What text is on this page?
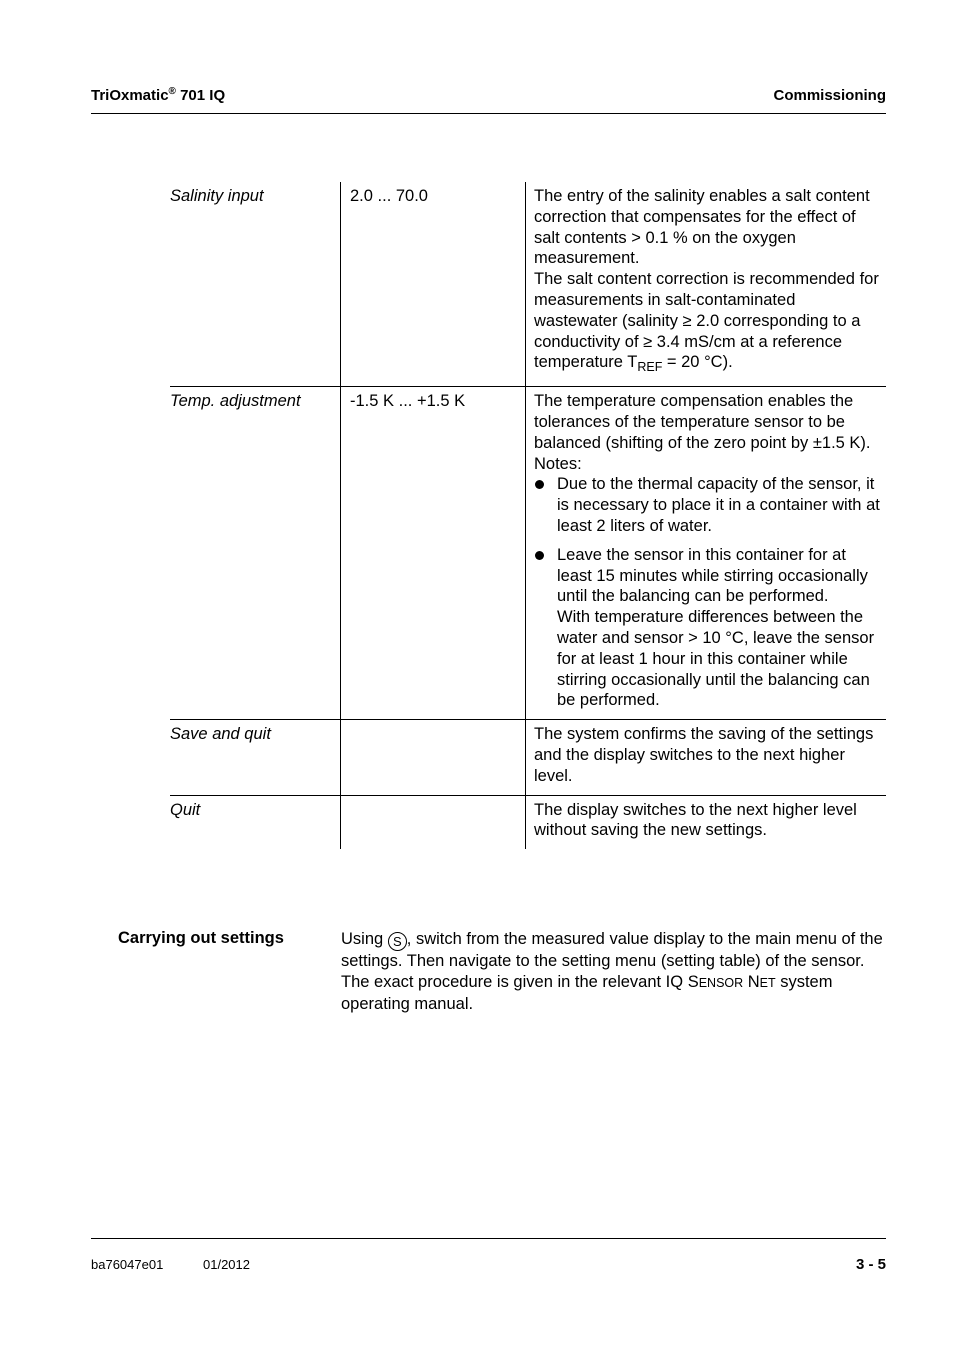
TriOxmatic® 701 IQ	Commissioning
Salinity input	2.0 ... 70.0	The entry of the salinity enables a salt content correction that compensates for the effect of salt contents > 0.1 % on the oxygen measurement.

The salt content correction is recommended for measurements in salt-contaminated wastewater (salinity ≥ 2.0 corresponding to a conductivity of ≥ 3.4 mS/cm at a reference temperature $T_{REF} = 20$ °C).

Temp. adjustment	-1.5 K ... +1.5 K	The temperature compensation enables the tolerances of the temperature sensor to be balanced (shifting of the zero point by ±1.5 K).

Notes:

Due to the thermal capacity of the sensor, it is necessary to place it in a container with at least 2 liters of water.

Leave the sensor in this container for at least 15 minutes while stirring occasionally until the balancing can be performed.

With temperature differences between the water and sensor > 10 °C, leave the sensor for at least 1 hour in this container while stirring occasionally until the balancing can be performed.

Save and quit		The system confirms the saving of the settings and the display switches to the next higher level.

Quit		The display switches to the next higher level without saving the new settings.

Carrying out settings	Using S , switch from the measured value display to the main menu of the settings. Then navigate to the setting menu (setting table) of the sensor. The exact procedure is given in the relevant IQ SENSOR NET system operating manual.
ba76047e01	01/2012	3 - 5
